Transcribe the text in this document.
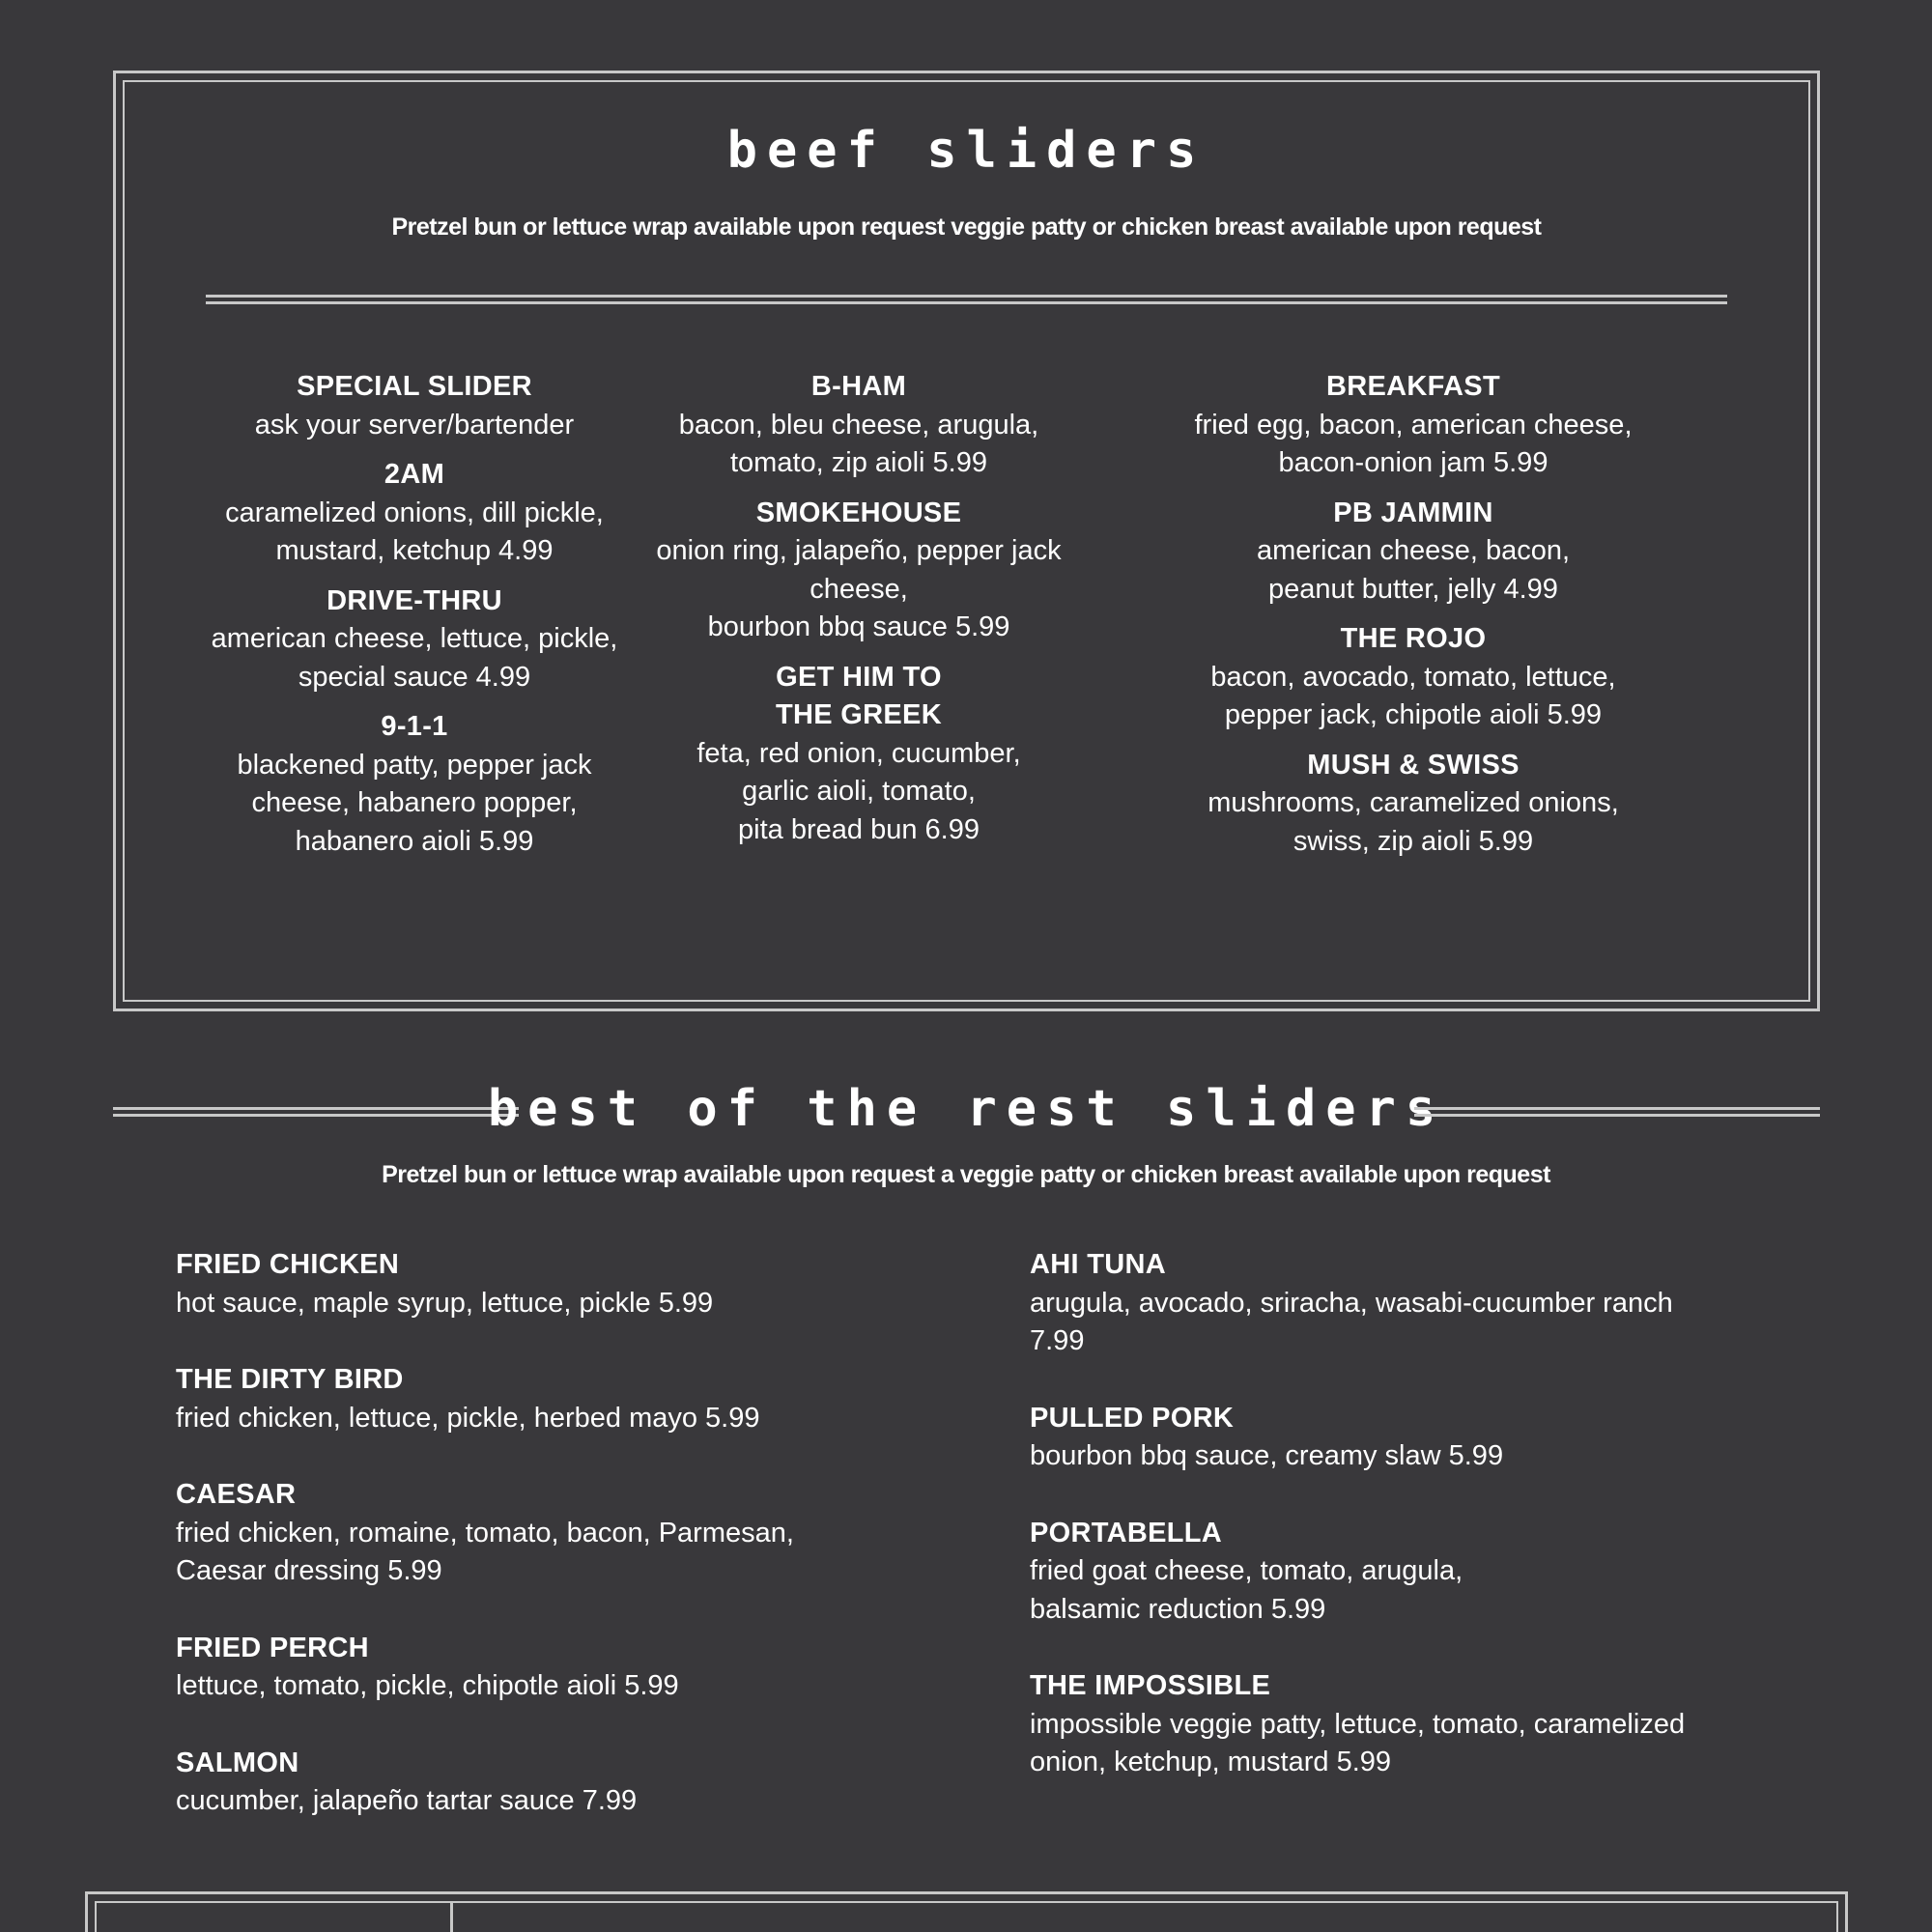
beef sliders
Pretzel bun or lettuce wrap available upon request veggie patty or chicken breast available upon request
SPECIAL SLIDER
ask your server/bartender
2AM
caramelized onions, dill pickle,
mustard, ketchup 4.99
DRIVE-THRU
american cheese, lettuce, pickle,
special sauce 4.99
9-1-1
blackened patty, pepper jack
cheese, habanero popper,
habanero aioli 5.99
B-HAM
bacon, bleu cheese, arugula,
tomato, zip aioli 5.99
SMOKEHOUSE
onion ring, jalapeño, pepper jack
cheese,
bourbon bbq sauce 5.99
GET HIM TO
THE GREEK
feta, red onion, cucumber,
garlic aioli, tomato,
pita bread bun 6.99
BREAKFAST
fried egg, bacon, american cheese,
bacon-onion jam 5.99
PB JAMMIN
american cheese, bacon,
peanut butter, jelly 4.99
THE ROJO
bacon, avocado, tomato, lettuce,
pepper jack, chipotle aioli 5.99
MUSH & SWISS
mushrooms, caramelized onions,
swiss, zip aioli 5.99
best of the rest sliders
Pretzel bun or lettuce wrap available upon request a veggie patty or chicken breast available upon request
FRIED CHICKEN
hot sauce, maple syrup, lettuce, pickle 5.99
THE DIRTY BIRD
fried chicken, lettuce, pickle, herbed mayo 5.99
CAESAR
fried chicken, romaine, tomato, bacon, Parmesan,
Caesar dressing 5.99
FRIED PERCH
lettuce, tomato, pickle, chipotle aioli 5.99
SALMON
cucumber, jalapeño tartar sauce 7.99
AHI TUNA
arugula, avocado, sriracha, wasabi-cucumber ranch
7.99
PULLED PORK
bourbon bbq sauce, creamy slaw 5.99
PORTABELLA
fried goat cheese, tomato, arugula,
balsamic reduction 5.99
THE IMPOSSIBLE
impossible veggie patty, lettuce, tomato, caramelized
onion, ketchup, mustard 5.99
